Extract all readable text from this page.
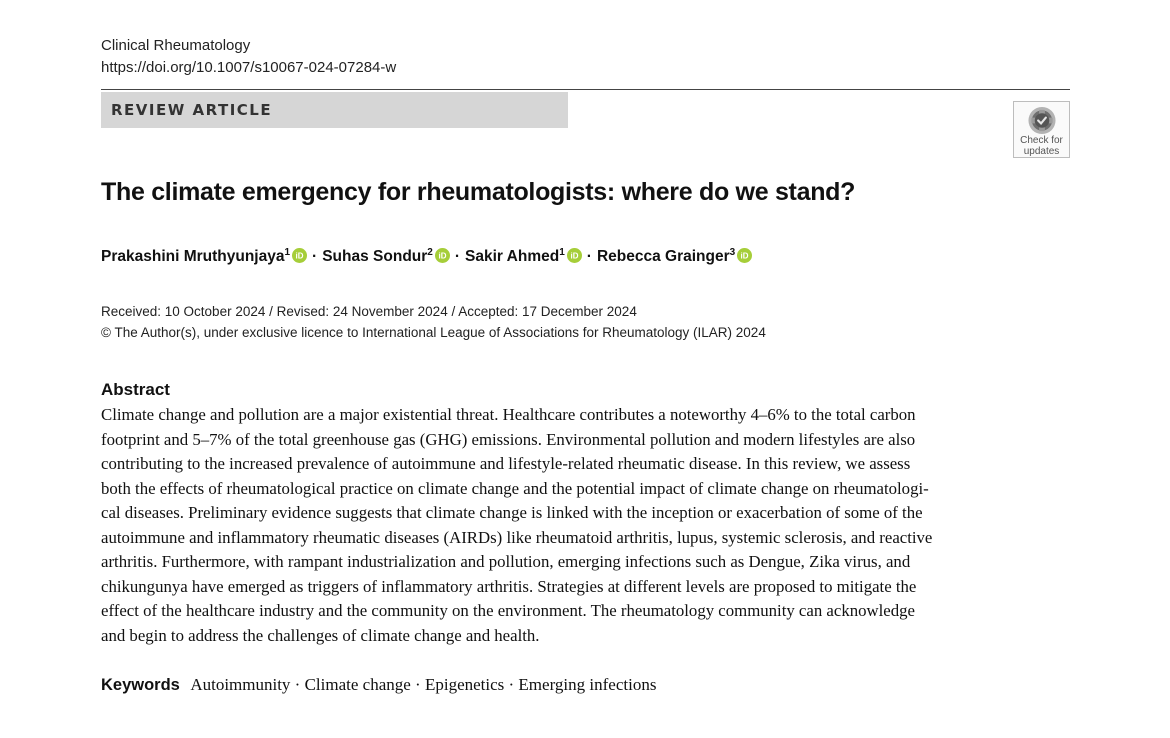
Clinical Rheumatology
https://doi.org/10.1007/s10067-024-07284-w
REVIEW ARTICLE
Check for
updates
The climate emergency for rheumatologists: where do we stand?
Prakashini Mruthyunjaya$^1$ iD · Suhas Sondur$^2$ iD · Sakir Ahmed$^1$ iD · Rebecca Grainger$^3$ iD
Received: 10 October 2024 / Revised: 24 November 2024 / Accepted: 17 December 2024
© The Author(s), under exclusive licence to International League of Associations for Rheumatology (ILAR) 2024
Abstract
Climate change and pollution are a major existential threat. Healthcare contributes a noteworthy 4–6% to the total carbon
footprint and 5–7% of the total greenhouse gas (GHG) emissions. Environmental pollution and modern lifestyles are also
contributing to the increased prevalence of autoimmune and lifestyle-related rheumatic disease. In this review, we assess
both the effects of rheumatological practice on climate change and the potential impact of climate change on rheumatologi-
cal diseases. Preliminary evidence suggests that climate change is linked with the inception or exacerbation of some of the
autoimmune and inflammatory rheumatic diseases (AIRDs) like rheumatoid arthritis, lupus, systemic sclerosis, and reactive
arthritis. Furthermore, with rampant industrialization and pollution, emerging infections such as Dengue, Zika virus, and
chikungunya have emerged as triggers of inflammatory arthritis. Strategies at different levels are proposed to mitigate the
effect of the healthcare industry and the community on the environment. The rheumatology community can acknowledge
and begin to address the challenges of climate change and health.
Keywords Autoimmunity · Climate change · Epigenetics · Emerging infections
